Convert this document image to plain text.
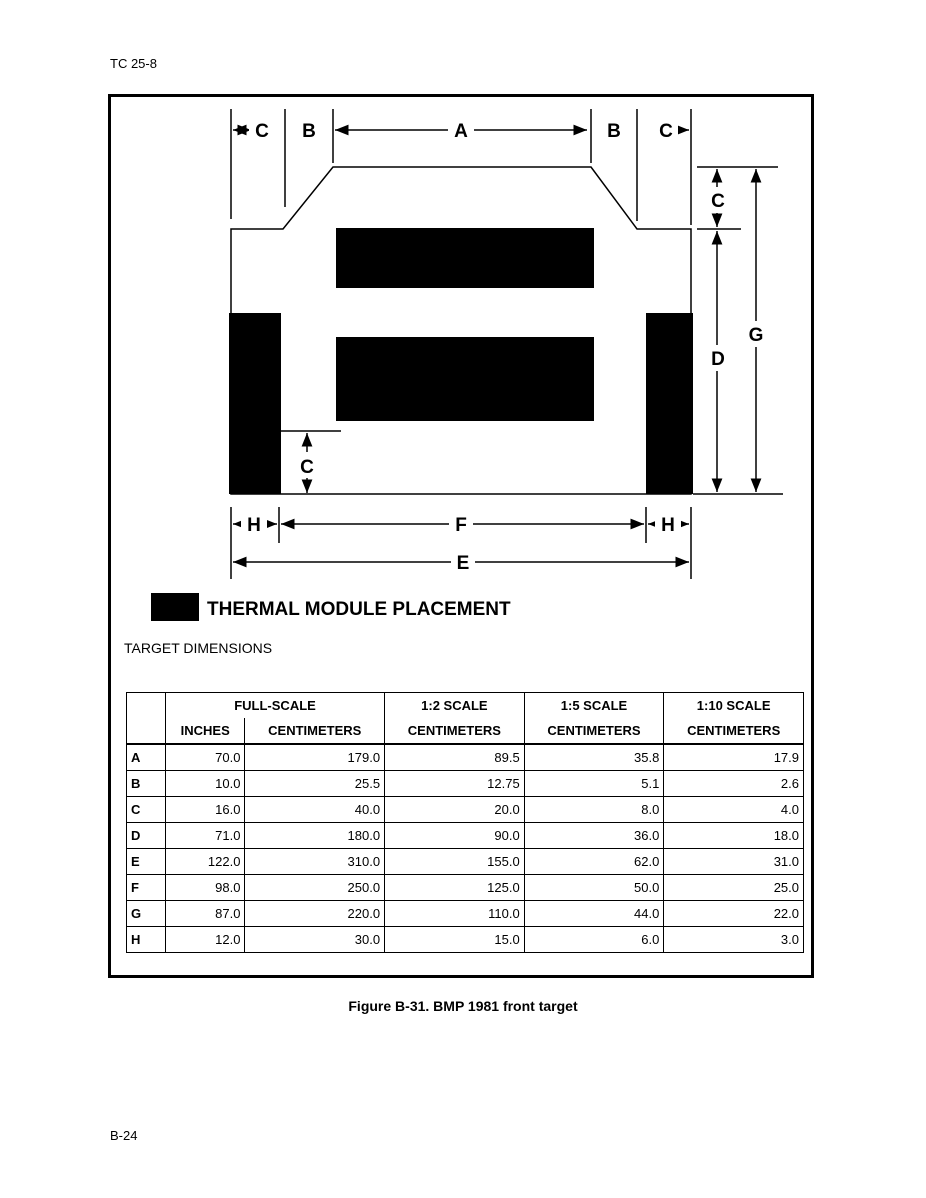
TC 25-8
C B	A	B C
C
D
G
C
H	F	H
E
THERMAL MODULE PLACEMENT
TARGET DIMENSIONS
	FULL-SCALE		1:2 SCALE	1:5 SCALE	1:10 SCALE
	INCHES	CENTIMETERS	CENTIMETERS	CENTIMETERS	CENTIMETERS
A	70.0	179.0	89.5	35.8	17.9
B	10.0	25.5	12.75	5.1	2.6
C	16.0	40.0	20.0	8.0	4.0
D	71.0	180.0	90.0	36.0	18.0
E	122.0	310.0	155.0	62.0	31.0
F	98.0	250.0	125.0	50.0	25.0
G	87.0	220.0	110.0	44.0	22.0
H	12.0	30.0	15.0	6.0	3.0
Figure B-31. BMP 1981 front target
B-24
